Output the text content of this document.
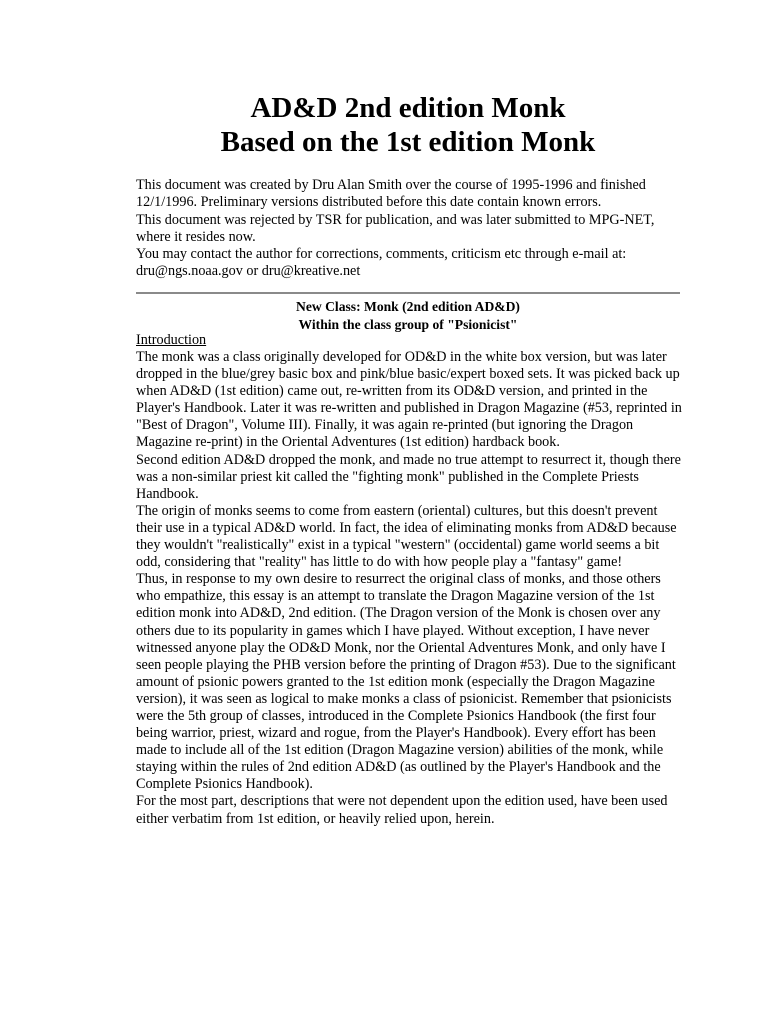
AD&D 2nd edition Monk
Based on the 1st edition Monk

This document was created by Dru Alan Smith over the course of 1995-1996 and finished 12/1/1996. Preliminary versions distributed before this date contain known errors.

This document was rejected by TSR for publication, and was later submitted to MPG-NET, where it resides now.

You may contact the author for corrections, comments, criticism etc through e-mail at: dru@ngs.noaa.gov or dru@kreative.net

New Class: Monk (2nd edition AD&D)
Within the class group of "Psionicist"
Introduction

The monk was a class originally developed for OD&D in the white box version, but was later dropped in the blue/grey basic box and pink/blue basic/expert boxed sets. It was picked back up when AD&D (1st edition) came out, re-written from its OD&D version, and printed in the Player's Handbook. Later it was re-written and published in Dragon Magazine (#53, reprinted in "Best of Dragon", Volume III). Finally, it was again re-printed (but ignoring the Dragon Magazine re-print) in the Oriental Adventures (1st edition) hardback book.

Second edition AD&D dropped the monk, and made no true attempt to resurrect it, though there was a non-similar priest kit called the "fighting monk" published in the Complete Priests Handbook.

The origin of monks seems to come from eastern (oriental) cultures, but this doesn't prevent their use in a typical AD&D world. In fact, the idea of eliminating monks from AD&D because they wouldn't "realistically" exist in a typical "western" (occidental) game world seems a bit odd, considering that "reality" has little to do with how people play a "fantasy" game!

Thus, in response to my own desire to resurrect the original class of monks, and those others who empathize, this essay is an attempt to translate the Dragon Magazine version of the 1st edition monk into AD&D, 2nd edition. (The Dragon version of the Monk is chosen over any others due to its popularity in games which I have played. Without exception, I have never witnessed anyone play the OD&D Monk, nor the Oriental Adventures Monk, and only have I seen people playing the PHB version before the printing of Dragon #53). Due to the significant amount of psionic powers granted to the 1st edition monk (especially the Dragon Magazine version), it was seen as logical to make monks a class of psionicist. Remember that psionicists were the 5th group of classes, introduced in the Complete Psionics Handbook (the first four being warrior, priest, wizard and rogue, from the Player's Handbook). Every effort has been made to include all of the 1st edition (Dragon Magazine version) abilities of the monk, while staying within the rules of 2nd edition AD&D (as outlined by the Player's Handbook and the Complete Psionics Handbook).

For the most part, descriptions that were not dependent upon the edition used, have been used either verbatim from 1st edition, or heavily relied upon, herein.
